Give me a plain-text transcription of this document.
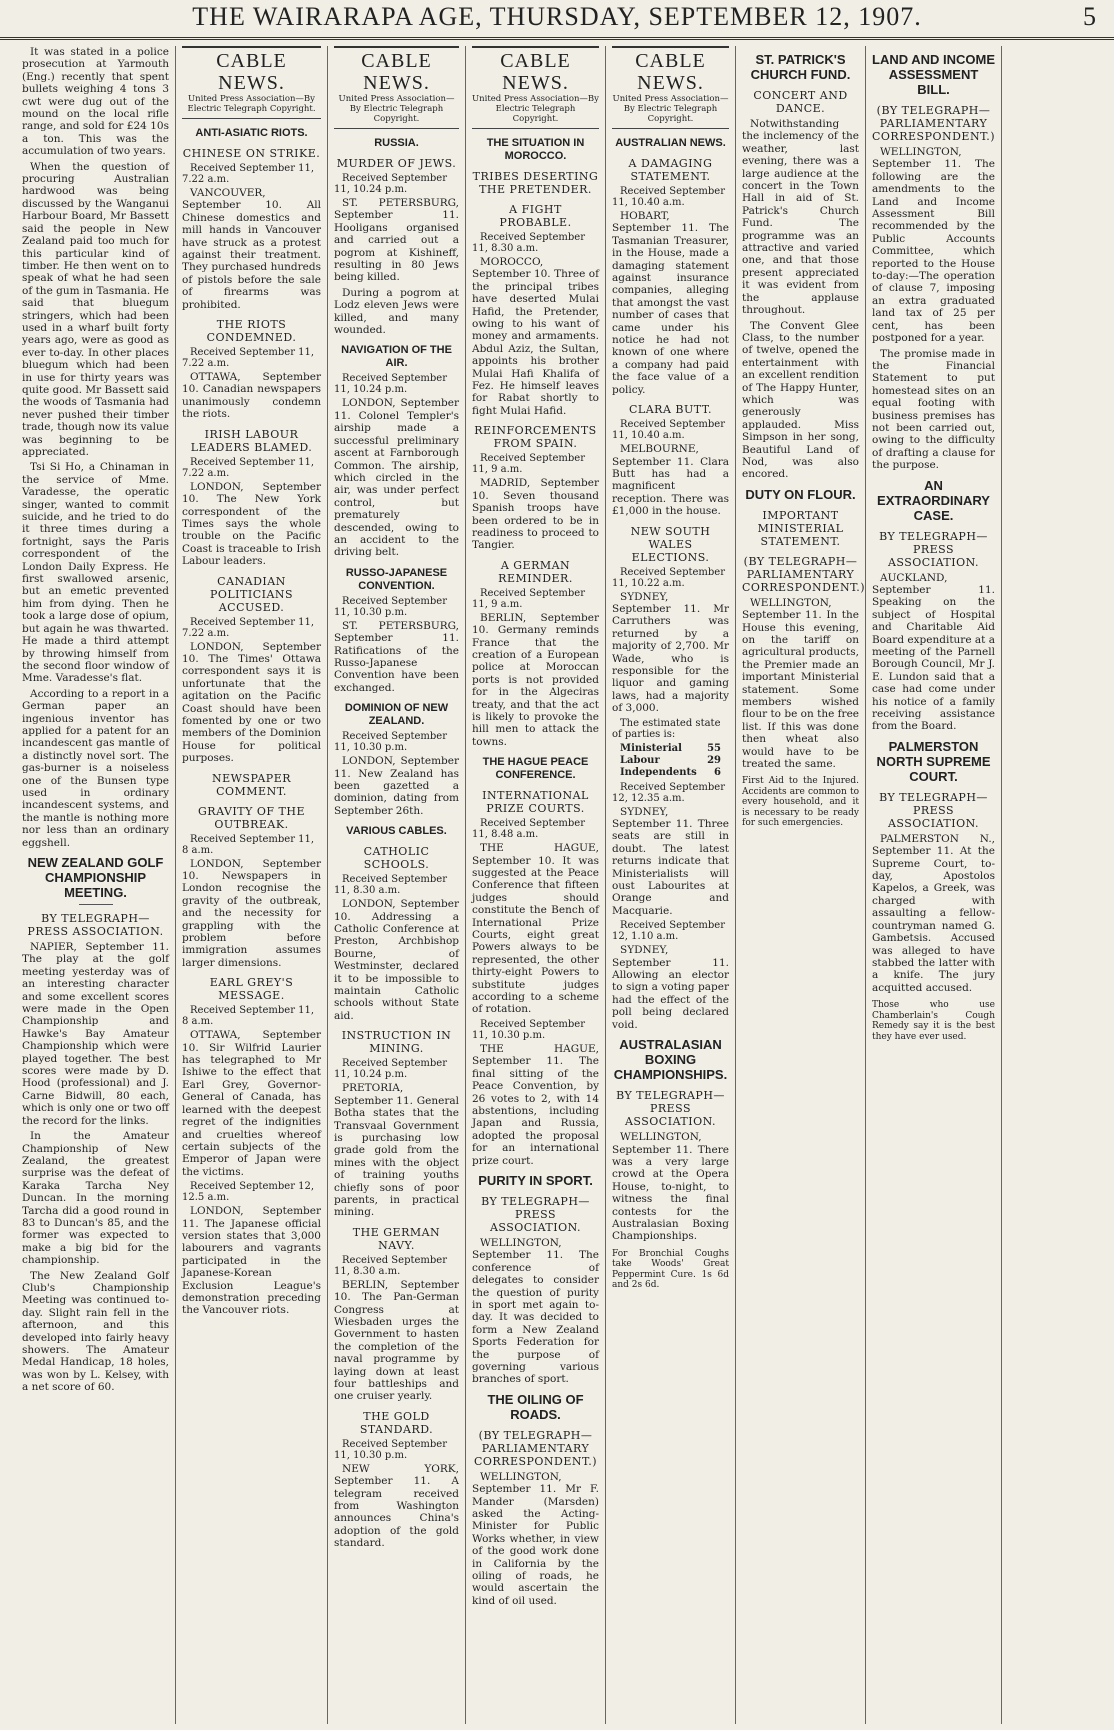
THE WAIRARAPA AGE, THURSDAY, SEPTEMBER 12, 1907.	5

It was stated in a police prosecution at Yarmouth (Eng.) recently that spent bullets weighing 4 tons 3 cwt were dug out of the mound on the local rifle range, and sold for £24 10s a ton. This was the accumulation of two years.

When the question of procuring Australian hardwood was being discussed by the Wanganui Harbour Board, Mr Bassett said the people in New Zealand paid too much for this particular kind of timber. He then went on to speak of what he had seen of the gum in Tasmania. He said that bluegum stringers, which had been used in a wharf built forty years ago, were as good as ever to-day. In other places bluegum which had been in use for thirty years was quite good. Mr Bassett said the woods of Tasmania had never pushed their timber trade, though now its value was beginning to be appreciated.

Tsi Si Ho, a Chinaman in the service of Mme. Varadesse, the operatic singer, wanted to commit suicide, and he tried to do it three times during a fortnight, says the Paris correspondent of the London Daily Express. He first swallowed arsenic, but an emetic prevented him from dying. Then he took a large dose of opium, but again he was thwarted. He made a third attempt by throwing himself from the second floor window of Mme. Varadesse's flat.

According to a report in a German paper an ingenious inventor has applied for a patent for an incandescent gas mantle of a distinctly novel sort. The gas-burner is a noiseless one of the Bunsen type used in ordinary incandescent systems, and the mantle is nothing more nor less than an ordinary eggshell.

NEW ZEALAND GOLF CHAMPIONSHIP MEETING.
BY TELEGRAPH—PRESS ASSOCIATION.

NAPIER, September 11. The play at the golf meeting yesterday was of an interesting character and some excellent scores were made in the Open Championship and Hawke's Bay Amateur Championship which were played together. The best scores were made by D. Hood (professional) and J. Carne Bidwill, 80 each, which is only one or two off the record for the links.

In the Amateur Championship of New Zealand, the greatest surprise was the defeat of Karaka Tarcha Ney Duncan. In the morning Tarcha did a good round in 83 to Duncan's 85, and the former was expected to make a big bid for the championship.

The New Zealand Golf Club's Championship Meeting was continued to-day. Slight rain fell in the afternoon, and this developed into fairly heavy showers. The Amateur Medal Handicap, 18 holes, was won by L. Kelsey, with a net score of 60.

CABLE NEWS.
United Press Association—By Electric Telegraph Copyright.
ANTI-ASIATIC RIOTS.
CHINESE ON STRIKE.
Received September 11, 7.22 a.m.

VANCOUVER, September 10. All Chinese domestics and mill hands in Vancouver have struck as a protest against their treatment. They purchased hundreds of pistols before the sale of firearms was prohibited.

THE RIOTS CONDEMNED.
Received September 11, 7.22 a.m.

OTTAWA, September 10. Canadian newspapers unanimously condemn the riots.

IRISH LABOUR LEADERS BLAMED.
Received September 11, 7.22 a.m.

LONDON, September 10. The New York correspondent of the Times says the whole trouble on the Pacific Coast is traceable to Irish Labour leaders.

CANADIAN POLITICIANS ACCUSED.
Received September 11, 7.22 a.m.

LONDON, September 10. The Times' Ottawa correspondent says it is unfortunate that the agitation on the Pacific Coast should have been fomented by one or two members of the Dominion House for political purposes.

NEWSPAPER COMMENT.
GRAVITY OF THE OUTBREAK.
Received September 11, 8 a.m.

LONDON, September 10. Newspapers in London recognise the gravity of the outbreak, and the necessity for grappling with the problem before immigration assumes larger dimensions.

EARL GREY'S MESSAGE.
Received September 11, 8 a.m.

OTTAWA, September 10. Sir Wilfrid Laurier has telegraphed to Mr Ishiwe to the effect that Earl Grey, Governor-General of Canada, has learned with the deepest regret of the indignities and cruelties whereof certain subjects of the Emperor of Japan were the victims.

Received September 12, 12.5 a.m.

LONDON, September 11. The Japanese official version states that 3,000 labourers and vagrants participated in the Japanese-Korean Exclusion League's demonstration preceding the Vancouver riots.

CABLE NEWS.
United Press Association—By Electric Telegraph Copyright.
RUSSIA.
MURDER OF JEWS.
Received September 11, 10.24 p.m.

ST. PETERSBURG, September 11. Hooligans organised and carried out a pogrom at Kishineff, resulting in 80 Jews being killed.

During a pogrom at Lodz eleven Jews were killed, and many wounded.

NAVIGATION OF THE AIR.
Received September 11, 10.24 p.m.

LONDON, September 11. Colonel Templer's airship made a successful preliminary ascent at Farnborough Common. The airship, which circled in the air, was under perfect control, but prematurely descended, owing to an accident to the driving belt.

RUSSO-JAPANESE CONVENTION.
Received September 11, 10.30 p.m.

ST. PETERSBURG, September 11. Ratifications of the Russo-Japanese Convention have been exchanged.

DOMINION OF NEW ZEALAND.
Received September 11, 10.30 p.m.

LONDON, September 11. New Zealand has been gazetted a dominion, dating from September 26th.

VARIOUS CABLES.
CATHOLIC SCHOOLS.
Received September 11, 8.30 a.m.

LONDON, September 10. Addressing a Catholic Conference at Preston, Archbishop Bourne, of Westminster, declared it to be impossible to maintain Catholic schools without State aid.

INSTRUCTION IN MINING.
Received September 11, 10.24 p.m.

PRETORIA, September 11. General Botha states that the Transvaal Government is purchasing low grade gold from the mines with the object of training youths chiefly sons of poor parents, in practical mining.

THE GERMAN NAVY.
Received September 11, 8.30 a.m.

BERLIN, September 10. The Pan-German Congress at Wiesbaden urges the Government to hasten the completion of the naval programme by laying down at least four battleships and one cruiser yearly.

THE GOLD STANDARD.
Received September 11, 10.30 p.m.

NEW YORK, September 11. A telegram received from Washington announces China's adoption of the gold standard.

CABLE NEWS.
United Press Association—By Electric Telegraph Copyright.
THE SITUATION IN MOROCCO.
TRIBES DESERTING THE PRETENDER.
A FIGHT PROBABLE.
Received September 11, 8.30 a.m.

MOROCCO, September 10. Three of the principal tribes have deserted Mulai Hafid, the Pretender, owing to his want of money and armaments. Abdul Aziz, the Sultan, appoints his brother Mulai Hafi Khalifa of Fez. He himself leaves for Rabat shortly to fight Mulai Hafid.

REINFORCEMENTS FROM SPAIN.
Received September 11, 9 a.m.

MADRID, September 10. Seven thousand Spanish troops have been ordered to be in readiness to proceed to Tangier.

A GERMAN REMINDER.
Received September 11, 9 a.m.

BERLIN, September 10. Germany reminds France that the creation of a European police at Moroccan ports is not provided for in the Algeciras treaty, and that the act is likely to provoke the hill men to attack the towns.

THE HAGUE PEACE CONFERENCE.
INTERNATIONAL PRIZE COURTS.
Received September 11, 8.48 a.m.

THE HAGUE, September 10. It was suggested at the Peace Conference that fifteen judges should constitute the Bench of International Prize Courts, eight great Powers always to be represented, the other thirty-eight Powers to substitute judges according to a scheme of rotation.

Received September 11, 10.30 p.m.

THE HAGUE, September 11. The final sitting of the Peace Convention, by 26 votes to 2, with 14 abstentions, including Japan and Russia, adopted the proposal for an international prize court.

PURITY IN SPORT.
BY TELEGRAPH—PRESS ASSOCIATION.

WELLINGTON, September 11. The conference of delegates to consider the question of purity in sport met again to-day. It was decided to form a New Zealand Sports Federation for the purpose of governing various branches of sport.

THE OILING OF ROADS.
(BY TELEGRAPH—PARLIAMENTARY CORRESPONDENT.)

WELLINGTON, September 11. Mr F. Mander (Marsden) asked the Acting-Minister for Public Works whether, in view of the good work done in California by the oiling of roads, he would ascertain the kind of oil used.

CABLE NEWS.
United Press Association—By Electric Telegraph Copyright.
AUSTRALIAN NEWS.
A DAMAGING STATEMENT.
Received September 11, 10.40 a.m.

HOBART, September 11. The Tasmanian Treasurer, in the House, made a damaging statement against insurance companies, alleging that amongst the vast number of cases that came under his notice he had not known of one where a company had paid the face value of a policy.

CLARA BUTT.
Received September 11, 10.40 a.m.

MELBOURNE, September 11. Clara Butt has had a magnificent reception. There was £1,000 in the house.

NEW SOUTH WALES ELECTIONS.
Received September 11, 10.22 a.m.

SYDNEY, September 11. Mr Carruthers was returned by a majority of 2,700. Mr Wade, who is responsible for the liquor and gaming laws, had a majority of 3,000.

The estimated state of parties is:
Ministerial	55
Labour	29
Independents 6
Received September 12, 12.35 a.m.

SYDNEY, September 11. Three seats are still in doubt. The latest returns indicate that Ministerialists will oust Labourites at Orange and Macquarie.

Received September 12, 1.10 a.m.

SYDNEY, September 11. Allowing an elector to sign a voting paper had the effect of the poll being declared void.

AUSTRALASIAN BOXING CHAMPIONSHIPS.
BY TELEGRAPH—PRESS ASSOCIATION.

WELLINGTON, September 11. There was a very large crowd at the Opera House, to-night, to witness the final contests for the Australasian Boxing Championships.

For Bronchial Coughs take Woods' Great Peppermint Cure. 1s 6d and 2s 6d.
ST. PATRICK'S CHURCH FUND.
CONCERT AND DANCE.

Notwithstanding the inclemency of the weather, last evening, there was a large audience at the concert in the Town Hall in aid of St. Patrick's Church Fund. The programme was an attractive and varied one, and that those present appreciated it was evident from the applause throughout.

The Convent Glee Class, to the number of twelve, opened the entertainment with an excellent rendition of The Happy Hunter, which was generously applauded. Miss Simpson in her song, Beautiful Land of Nod, was also encored.

DUTY ON FLOUR.
IMPORTANT MINISTERIAL STATEMENT.
(BY TELEGRAPH—PARLIAMENTARY CORRESPONDENT.)

WELLINGTON, September 11. In the House this evening, on the tariff on agricultural products, the Premier made an important Ministerial statement. Some members wished flour to be on the free list. If this was done then wheat also would have to be treated the same.

First Aid to the Injured. Accidents are common to every household, and it is necessary to be ready for such emergencies.
LAND AND INCOME ASSESSMENT BILL.
(BY TELEGRAPH—PARLIAMENTARY CORRESPONDENT.)

WELLINGTON, September 11. The following are the amendments to the Land and Income Assessment Bill recommended by the Public Accounts Committee, which reported to the House to-day:—The operation of clause 7, imposing an extra graduated land tax of 25 per cent, has been postponed for a year.

The promise made in the Financial Statement to put homestead sites on an equal footing with business premises has not been carried out, owing to the difficulty of drafting a clause for the purpose.

AN EXTRAORDINARY CASE.
BY TELEGRAPH—PRESS ASSOCIATION.

AUCKLAND, September 11. Speaking on the subject of Hospital and Charitable Aid Board expenditure at a meeting of the Parnell Borough Council, Mr J. E. Lundon said that a case had come under his notice of a family receiving assistance from the Board.

PALMERSTON NORTH SUPREME COURT.
BY TELEGRAPH—PRESS ASSOCIATION.

PALMERSTON N., September 11. At the Supreme Court, to-day, Apostolos Kapelos, a Greek, was charged with assaulting a fellow-countryman named G. Gambetsis. Accused was alleged to have stabbed the latter with a knife. The jury acquitted accused.

Those who use Chamberlain's Cough Remedy say it is the best they have ever used.
